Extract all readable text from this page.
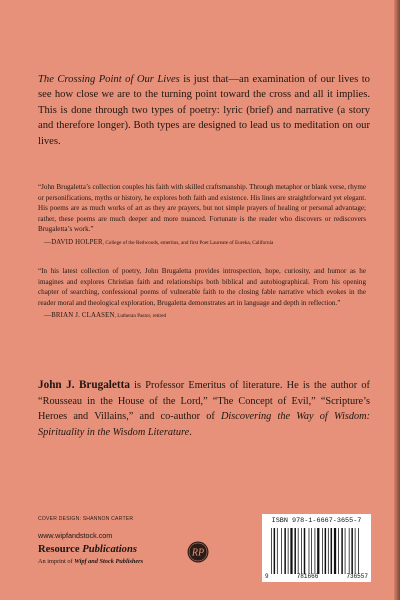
The Crossing Point of Our Lives is just that—an examination of our lives to see how close we are to the turning point toward the cross and all it implies. This is done through two types of poetry: lyric (brief) and narrative (a story and therefore longer). Both types are designed to lead us to meditation on our lives.
“John Brugaletta’s collection couples his faith with skilled craftsmanship. Through metaphor or blank verse, rhyme or personifications, myths or history, he explores both faith and existence. His lines are straightforward yet elegant. His poems are as much works of art as they are prayers, but not simple prayers of healing or personal advantage; rather, these poems are much deeper and more nuanced. Fortunate is the reader who discovers or rediscovers Brugaletta’s work.”
—DAVID HOLPER, College of the Redwoods, emeritus, and first Poet Laureate of Eureka, California
“In his latest collection of poetry, John Brugaletta provides introspection, hope, curiosity, and humor as he imagines and explores Christian faith and relationships both biblical and autobiographical. From his opening chapter of searching, confessional poems of vulnerable faith to the closing fable narrative which evokes in the reader moral and theological exploration, Brugaletta demonstrates art in language and depth in reflection.”
—BRIAN J. CLAASEN, Lutheran Pastor, retired
John J. Brugaletta is Professor Emeritus of literature. He is the author of “Rousseau in the House of the Lord,” “The Concept of Evil,” “Scripture’s Heroes and Villains,” and co-author of Discovering the Way of Wisdom: Spirituality in the Wisdom Literature.
COVER DESIGN: SHANNON CARTER
www.wipfandstock.com
Resource Publications
An imprint of Wipf and Stock Publishers
RP
ISBN 978-1-6667-3655-7
9	781666	736557
